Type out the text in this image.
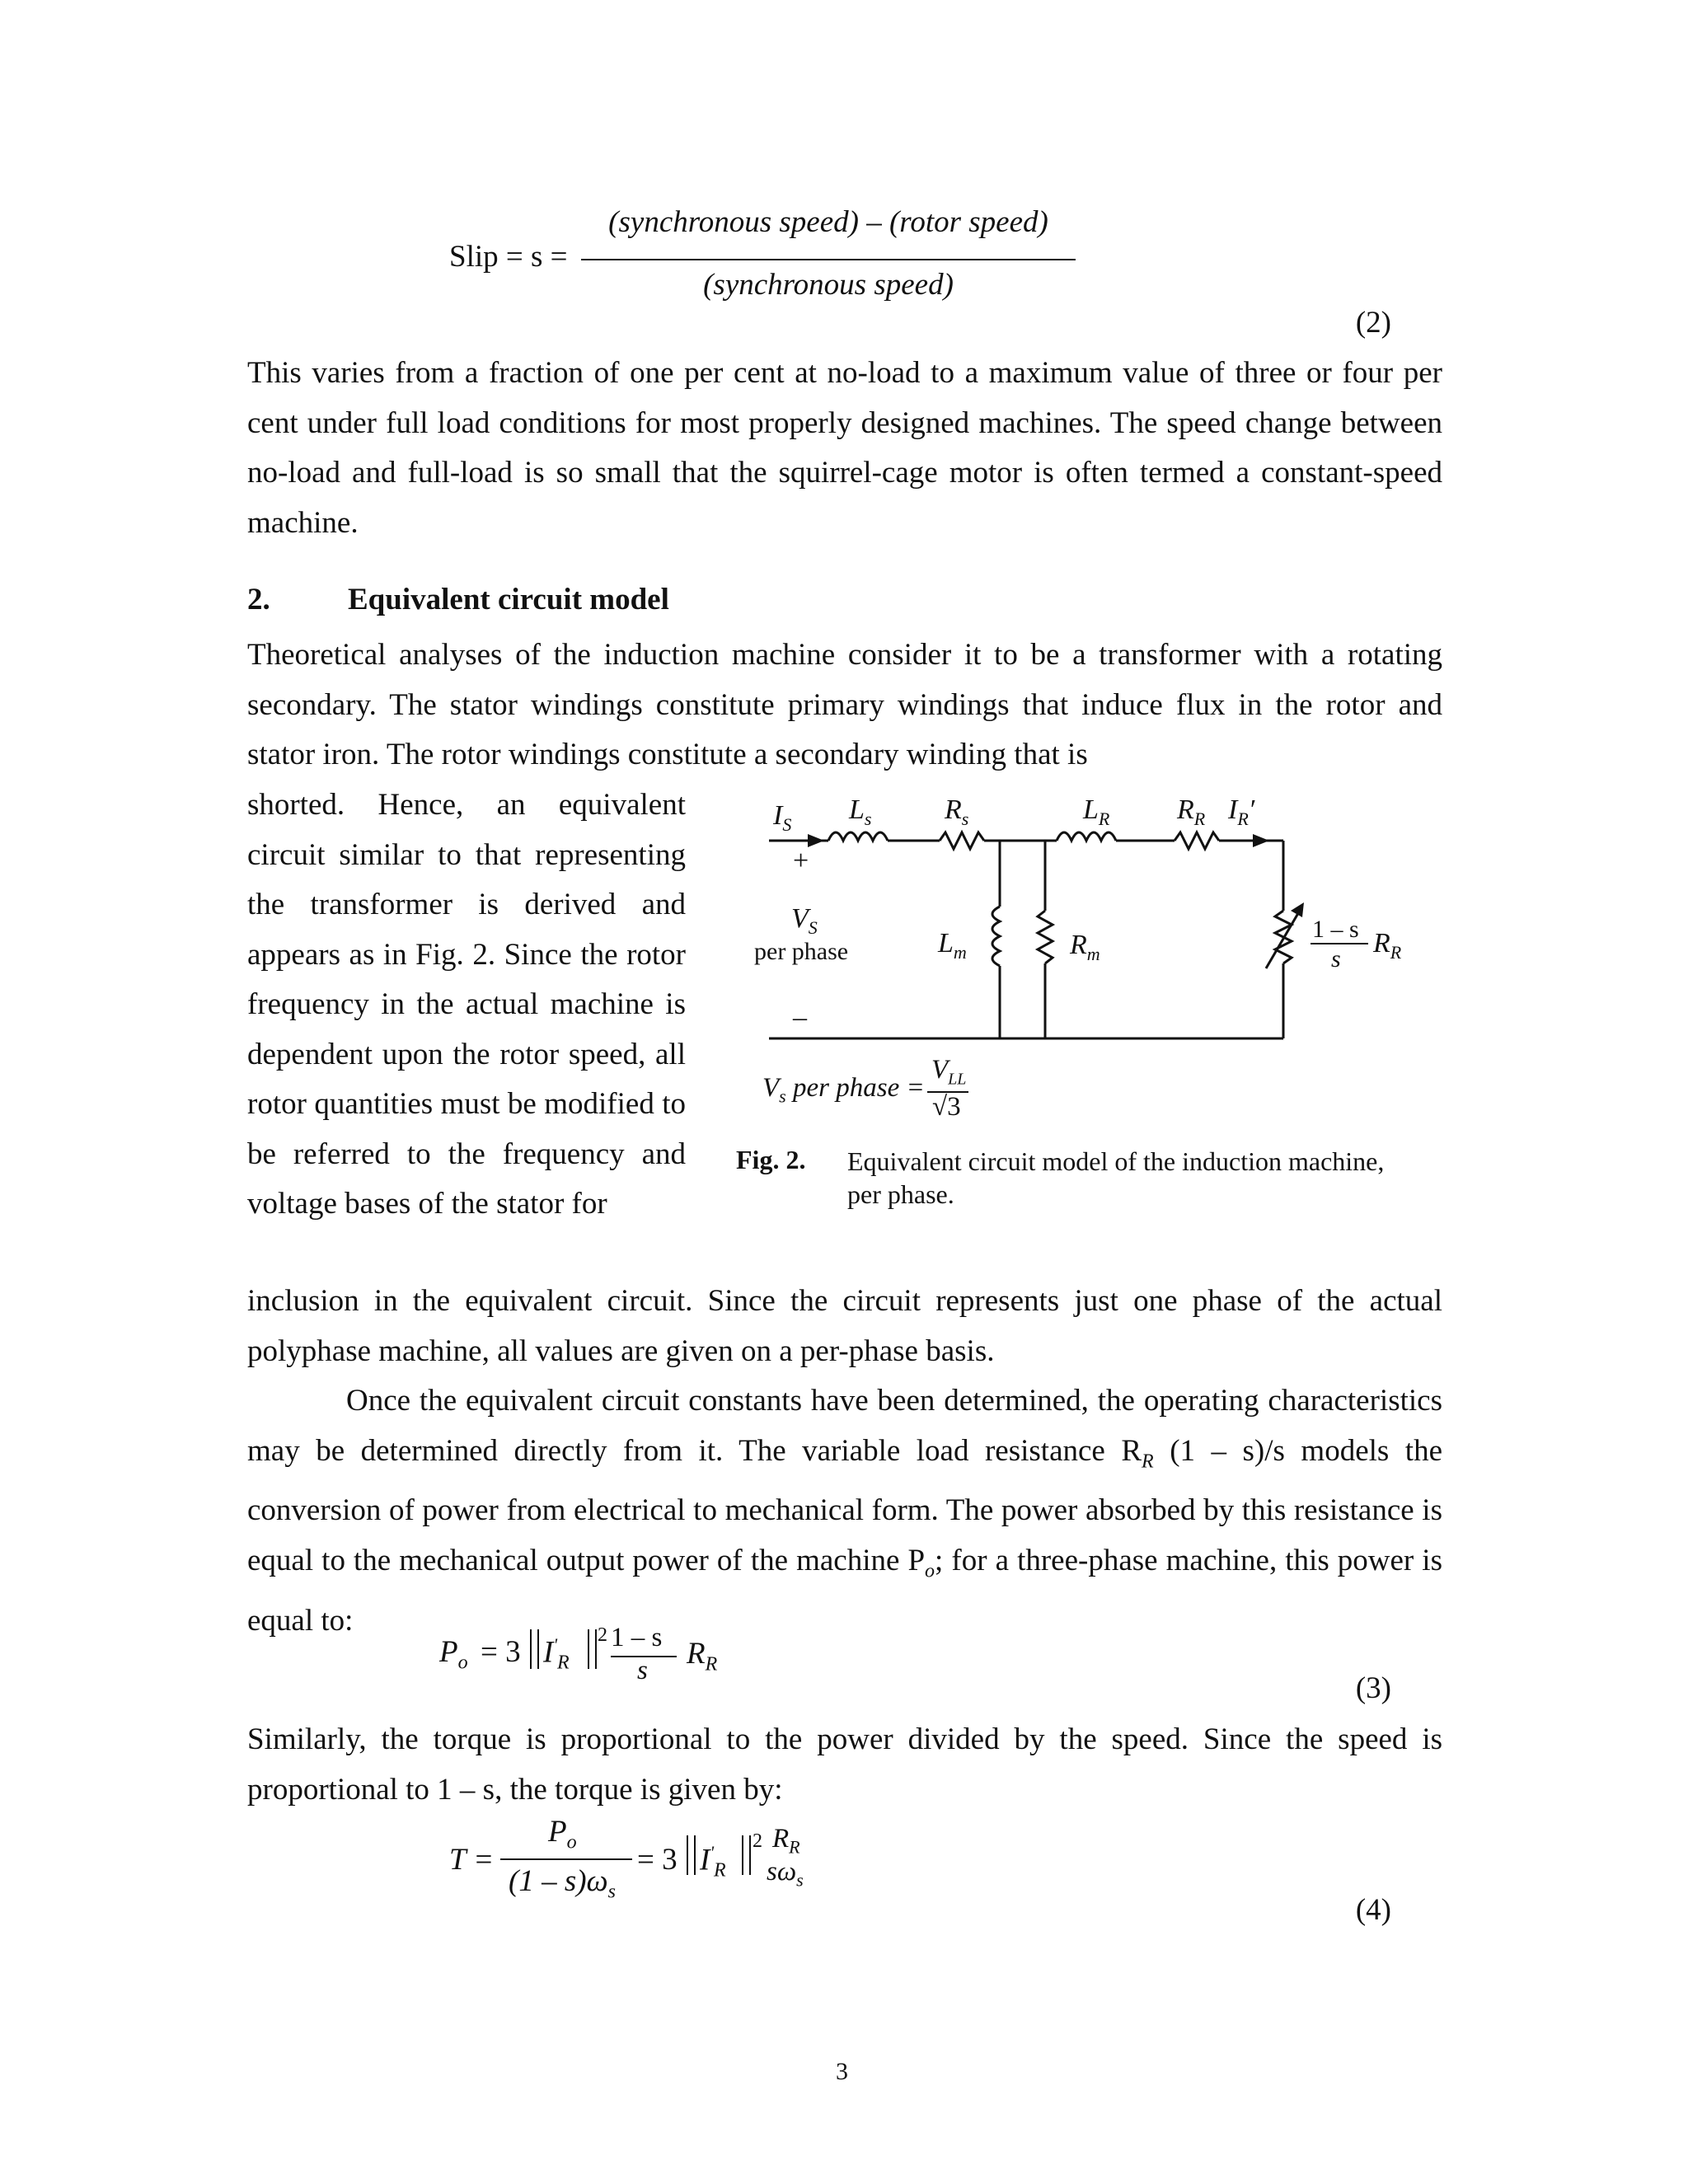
Slip = s =
(synchronous speed) – (rotor speed)
(synchronous speed)
(2)
This varies from a fraction of one per cent at no-load to a maximum value of three or four per cent under full load conditions for most properly designed machines. The speed change between no-load and full-load is so small that the squirrel-cage motor is often termed a constant-speed machine.
2.	Equivalent circuit model
Theoretical analyses of the induction machine consider it to be a transformer with a rotating secondary. The stator windings constitute primary windings that induce flux in the rotor and stator iron. The rotor windings constitute a secondary winding that is
shorted. Hence, an equivalent circuit similar to that representing the transformer is derived and appears as in Fig. 2. Since the rotor frequency in the actual machine is dependent upon the rotor speed, all rotor quantities must be modified to be referred to the frequency and voltage bases of the stator for
inclusion in the equivalent circuit. Since the circuit represents just one phase of the actual polyphase machine, all values are given on a per-phase basis.
$I_S$ $L_s$	$R_s$	$L_R$ $R_R$ $I_R'$
+
$V_S$
per phase	$L_m$	$R_m$
1 – s
s
$R_R$
–
$V_s$ per phase =
$V_{LL}$
√3
Fig. 2. Equivalent circuit model of the induction machine, per phase.
Once the equivalent circuit constants have been determined, the operating characteristics may be determined directly from it. The variable load resistance $R_R$ (1 – s)/s models the conversion of power from electrical to mechanical form. The power absorbed by this resistance is equal to the mechanical output power of the machine $P_o$; for a three-phase machine, this power is equal to:
$P_o = 3$ $I'_R$
2 1 – s
s $R_R$
(3)
Similarly, the torque is proportional to the power divided by the speed. Since the speed is proportional to 1 – s, the torque is given by:
T =
$P_o$
$(1 - s)\omega_s$
= 3 $I'_R$
2 $R_R$
$s\omega_s$
(4)
3
